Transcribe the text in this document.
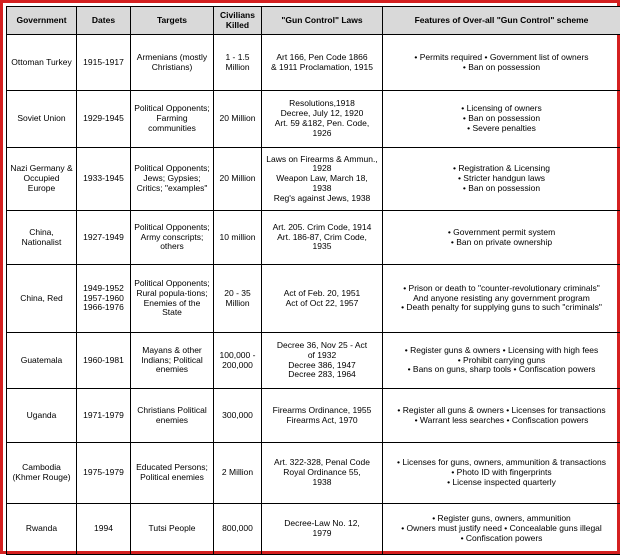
Government	Dates	Targets	Civilians Killed	"Gun Control" Laws	Features of Over-all "Gun Control" scheme
Ottoman Turkey	1915-1917	Armenians (mostly Christians)	1 - 1.5 Million	Art 166, Pen Code 1866
& 1911 Proclamation, 1915	• Permits required • Government list of owners
• Ban on possession

Soviet Union	1929-1945	Political Opponents; Farming communities	20 Million	Resolutions,1918
Decree, July 12, 1920
Art. 59 &182, Pen. Code,
1926	• Licensing of owners
• Ban on possession
• Severe penalties

Nazi Germany & Occupied Europe	1933-1945	Political Opponents; Jews; Gypsies; Critics; "examples"	20 Million	Laws on Firearms & Ammun.,
1928
Weapon Law, March 18,
1938
Reg's against Jews, 1938	• Registration & Licensing
• Stricter handgun laws
• Ban on possession

China, Nationalist	1927-1949	Political Opponents; Army conscripts; others	10 million	Art. 205. Crim Code, 1914
Art. 186-87, Crim Code,
1935	• Government permit system
• Ban on private ownership

China, Red	1949-1952
1957-1960
1966-1976	Political Opponents; Rural popula-tions; Enemies of the State	20 - 35 Million	Act of Feb. 20, 1951
Act of Oct 22, 1957	• Prison or death to "counter-revolutionary criminals"
And anyone resisting any government program
• Death penalty for supplying guns to such "criminals"

Guatemala	1960-1981	Mayans & other Indians; Political enemies	100,000 - 200,000	Decree 36, Nov 25 - Act
of 1932
Decree 386, 1947
Decree 283, 1964	• Register guns & owners • Licensing with high fees
• Prohibit carrying guns
• Bans on guns, sharp tools • Confiscation powers

Uganda	1971-1979	Christians Political enemies	300,000	Firearms Ordinance, 1955
Firearms Act, 1970	• Register all guns & owners • Licenses for transactions
• Warrant less searches • Confiscation powers

Cambodia (Khmer Rouge)	1975-1979	Educated Persons; Political enemies	2 Million	Art. 322-328, Penal Code
Royal Ordinance 55,
1938	• Licenses for guns, owners, ammunition & transactions
• Photo ID with fingerprints
• License inspected quarterly

Rwanda	1994	Tutsi People	800,000	Decree-Law No. 12,
1979	• Register guns, owners, ammunition
• Owners must justify need • Concealable guns illegal
• Confiscation powers
